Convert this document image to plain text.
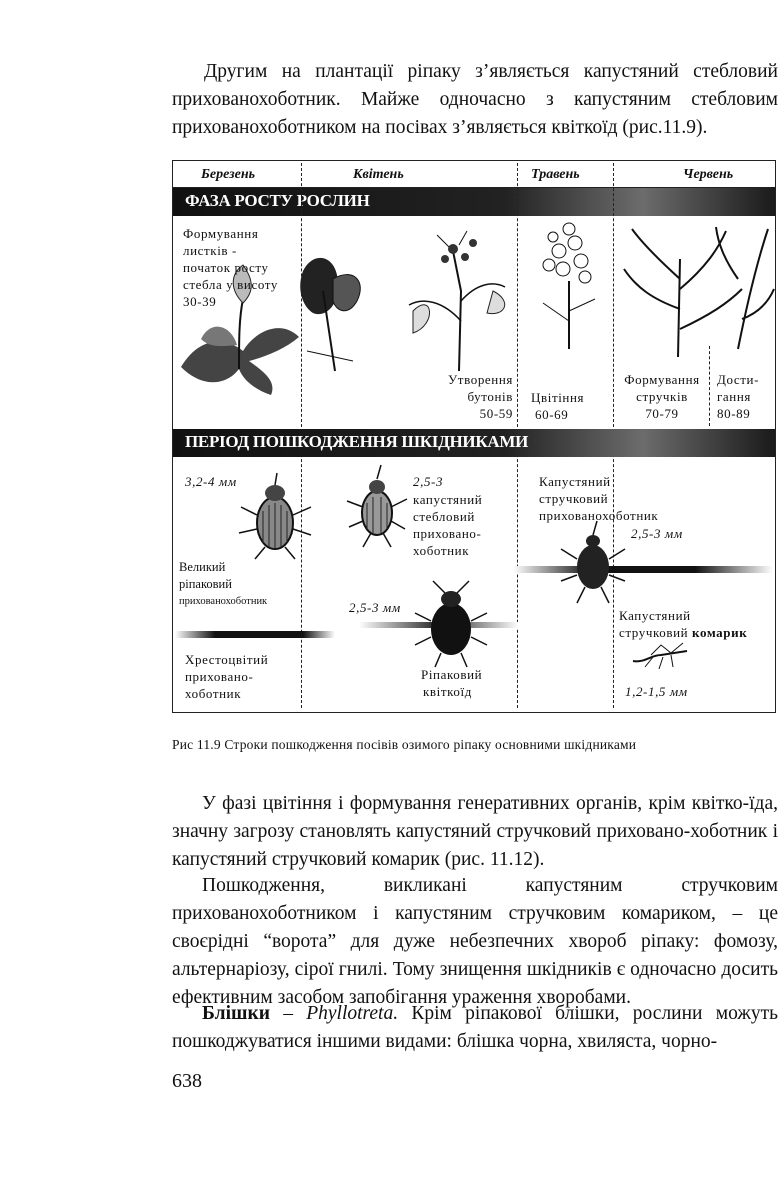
Другим на плантації ріпаку з’являється капустяний стебловий прихованохоботник. Майже одночасно з капустяним стебловим прихованохоботником на посівах з’являється квіткоїд (рис.11.9).

Березень	Квітень	Травень	Червень
ФАЗА РОСТУ РОСЛИН
Формування
листків -
початок росту
стебла у висоту
30-39
Утворення
бутонів
50-59
Цвітіння
60-69
Формування
стручків
70-79
Дости-
гання
80-89
ПЕРІОД ПОШКОДЖЕННЯ ШКІДНИКАМИ
3,2-4 мм
Великий
ріпаковий
прихованохоботник
2,5-3
капустяний
стебловий
приховано-
хоботник
Капустяний
стручковий
прихованохоботник
2,5-3 мм
2,5-3 мм
Ріпаковий
квіткоїд
Хрестоцвітий
приховано-
хоботник
Капустяний
стручковий комарик
1,2-1,5 мм
Рис 11.9 Строки пошкодження посівів озимого ріпаку основними шкідниками

У фазі цвітіння і формування генеративних органів, крім квітко-їда, значну загрозу становлять капустяний стручковий приховано-хоботник і капустяний стручковий комарик (рис. 11.12).

Пошкодження, викликані капустяним стручковим прихованохоботником і капустяним стручковим комариком, – це своєрідні “ворота” для дуже небезпечних хвороб ріпаку: фомозу, альтернаріозу, сірої гнилі. Тому знищення шкідників є одночасно досить ефективним засобом запобігання ураження хворобами.

Блішки – Phyllotreta. Крім ріпакової блішки, рослини можуть пошкоджуватися іншими видами: блішка чорна, хвиляста, чорно-

638
